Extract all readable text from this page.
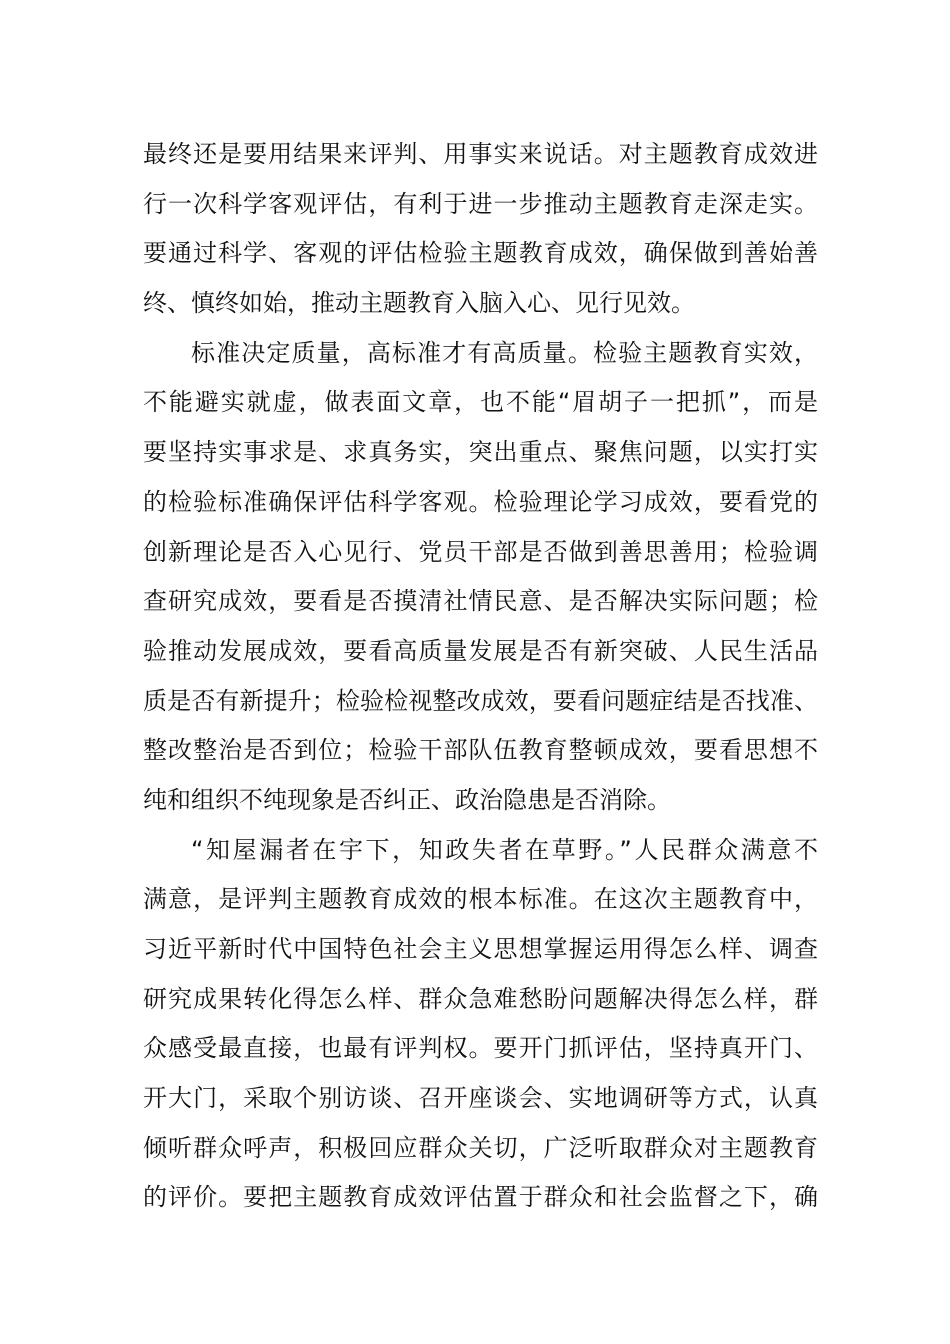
最终还是要用结果来评判、用事实来说话。对主题教育成效进
行一次科学客观评估，有利于进一步推动主题教育走深走实。
要通过科学、客观的评估检验主题教育成效，确保做到善始善
终、慎终如始，推动主题教育入脑入心、见行见效。
标准决定质量，高标准才有高质量。检验主题教育实效，
不能避实就虚，做表面文章，也不能“眉胡子一把抓”，而是
要坚持实事求是、求真务实，突出重点、聚焦问题，以实打实
的检验标准确保评估科学客观。检验理论学习成效，要看党的
创新理论是否入心见行、党员干部是否做到善思善用；检验调
查研究成效，要看是否摸清社情民意、是否解决实际问题；检
验推动发展成效，要看高质量发展是否有新突破、人民生活品
质是否有新提升；检验检视整改成效，要看问题症结是否找准、
整改整治是否到位；检验干部队伍教育整顿成效，要看思想不
纯和组织不纯现象是否纠正、政治隐患是否消除。
“知屋漏者在宇下，知政失者在草野。”人民群众满意不
满意，是评判主题教育成效的根本标准。在这次主题教育中，
习近平新时代中国特色社会主义思想掌握运用得怎么样、调查
研究成果转化得怎么样、群众急难愁盼问题解决得怎么样，群
众感受最直接，也最有评判权。要开门抓评估，坚持真开门、
开大门，采取个别访谈、召开座谈会、实地调研等方式，认真
倾听群众呼声，积极回应群众关切，广泛听取群众对主题教育
的评价。要把主题教育成效评估置于群众和社会监督之下，确
